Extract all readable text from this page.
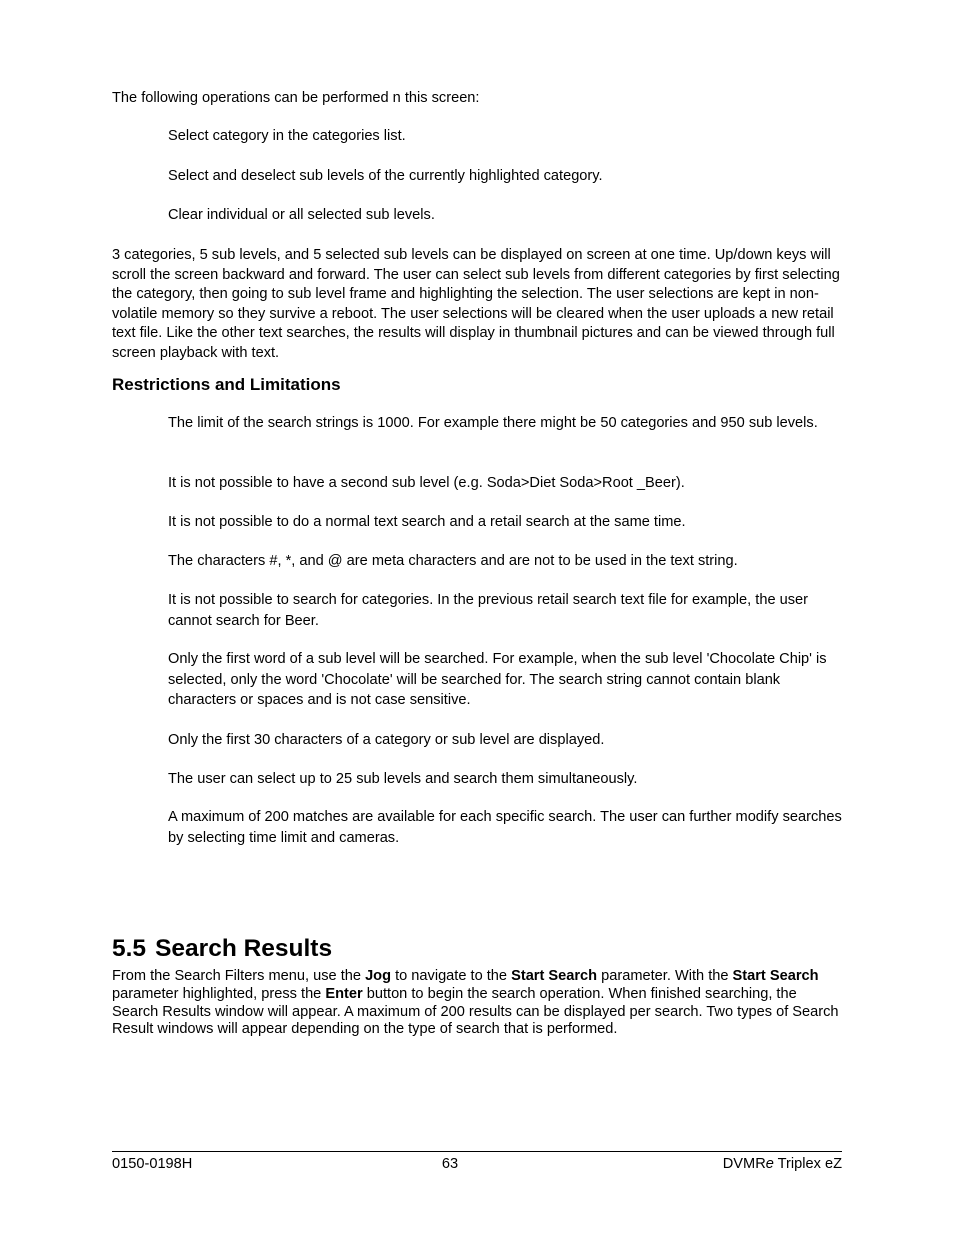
The following operations can be performed n this screen:

Select category in the categories list.

Select and deselect sub levels of the currently highlighted category.

Clear individual or all selected sub levels.

3 categories, 5 sub levels, and 5 selected sub levels can be displayed on screen at one time. Up/down keys will scroll the screen backward and forward. The user can select sub levels from different categories by first selecting the category, then going to sub level frame and highlighting the selection. The user selections are kept in non-volatile memory so they survive a reboot. The user selections will be cleared when the user uploads a new retail text file. Like the other text searches, the results will display in thumbnail pictures and can be viewed through full screen playback with text.

Restrictions and Limitations

The limit of the search strings is 1000. For example there might be 50 categories and 950 sub levels.

It is not possible to have a second sub level (e.g. Soda>Diet Soda>Root _Beer).

It is not possible to do a normal text search and a retail search at the same time.

The characters #, *, and @ are meta characters and are not to be used in the text string.

It is not possible to search for categories. In the previous retail search text file for example, the user cannot search for Beer.

Only the first word of a sub level will be searched. For example, when the sub level 'Chocolate Chip' is selected, only the word 'Chocolate' will be searched for. The search string cannot contain blank characters or spaces and is not case sensitive.

Only the first 30 characters of a category or sub level are displayed.

The user can select up to 25 sub levels and search them simultaneously.

A maximum of 200 matches are available for each specific search. The user can further modify searches by selecting time limit and cameras.

5.5 Search Results

From the Search Filters menu, use the Jog to navigate to the Start Search parameter. With the Start Search parameter highlighted, press the Enter button to begin the search operation. When finished searching, the Search Results window will appear. A maximum of 200 results can be displayed per search. Two types of Search Result windows will appear depending on the type of search that is performed.

0150-0198H	63	DVMRe Triplex eZ
